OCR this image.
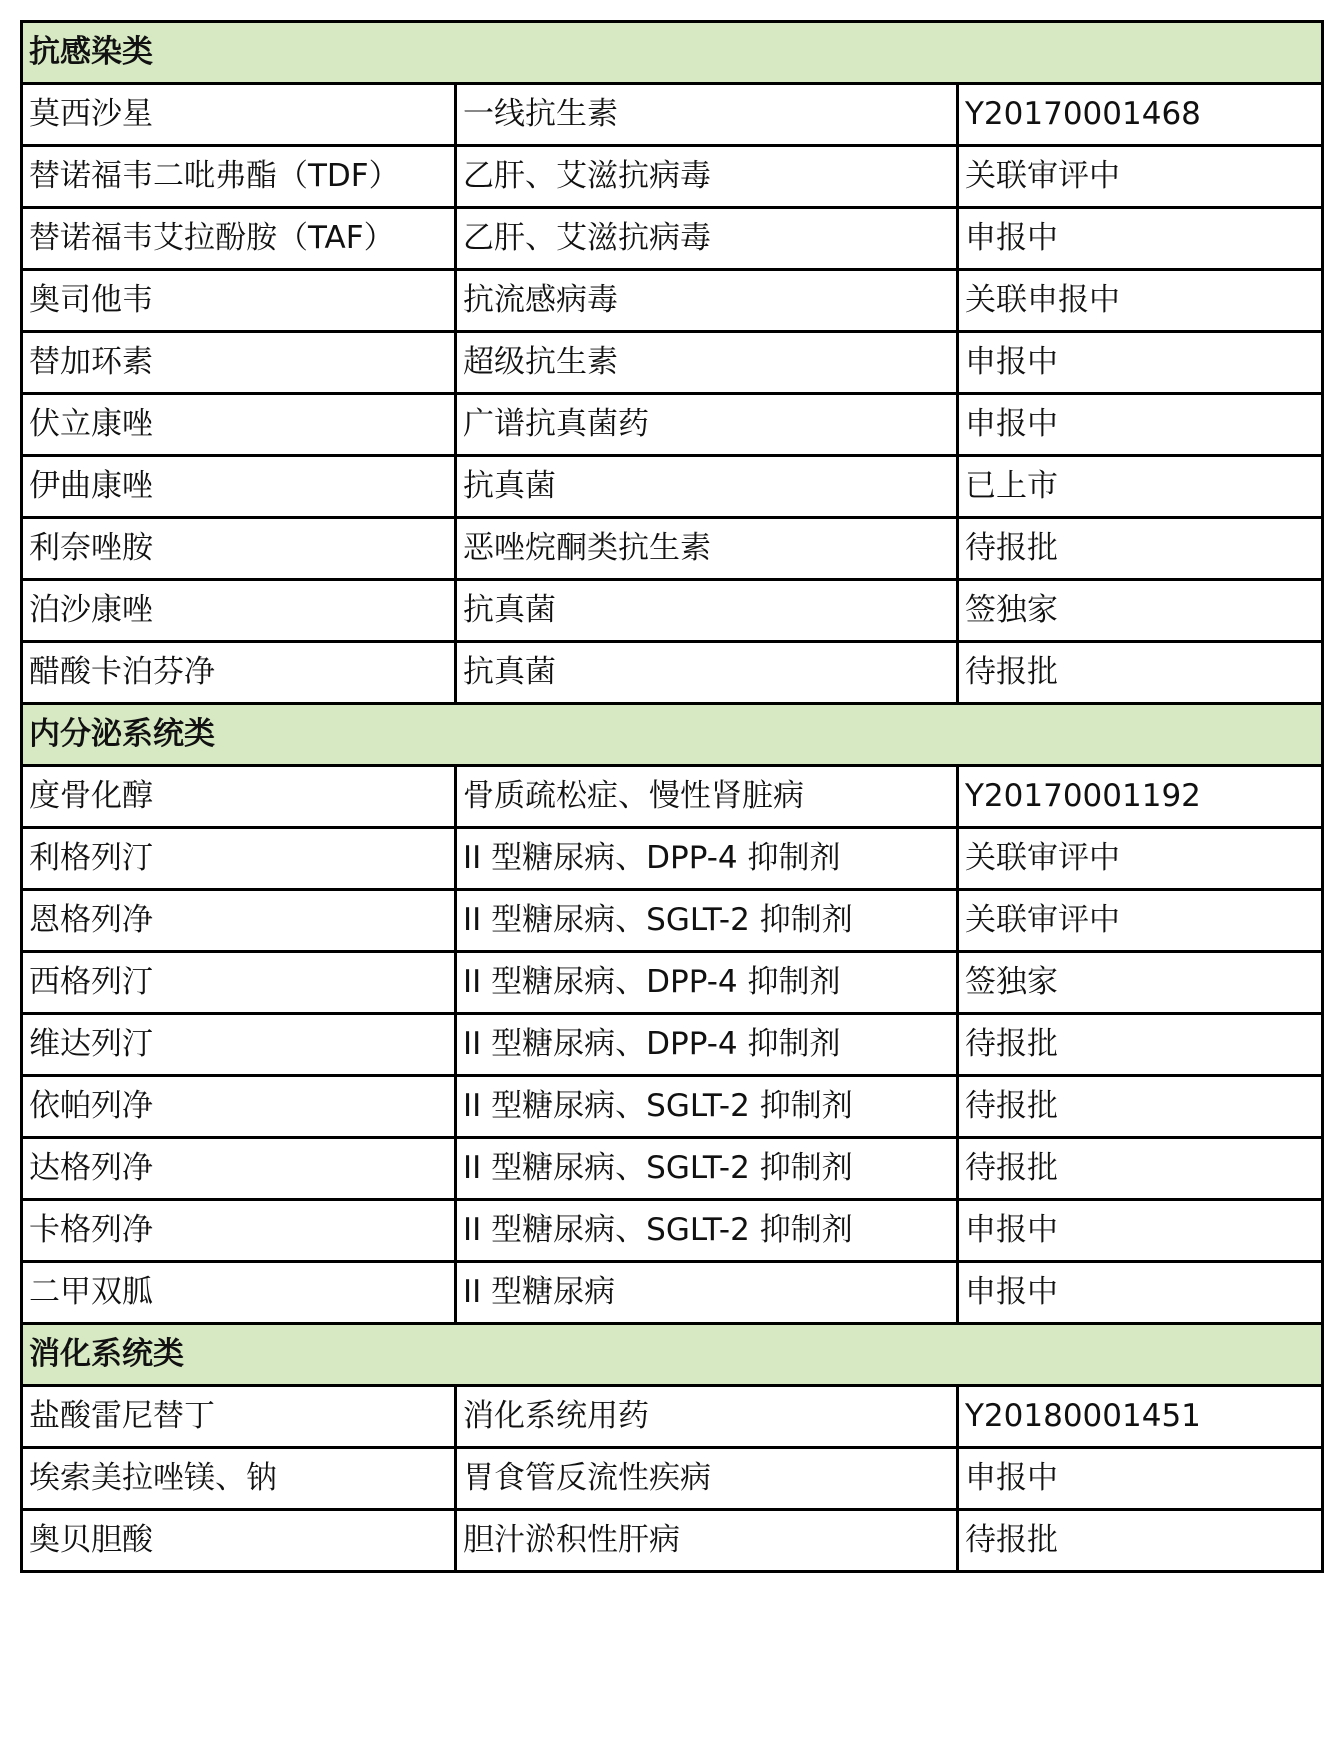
抗感染类		
莫西沙星	一线抗生素	Y20170001468
替诺福韦二吡弗酯（TDF）	乙肝、艾滋抗病毒	关联审评中
替诺福韦艾拉酚胺（TAF）	乙肝、艾滋抗病毒	申报中
奥司他韦	抗流感病毒	关联申报中
替加环素	超级抗生素	申报中
伏立康唑	广谱抗真菌药	申报中
伊曲康唑	抗真菌	已上市
利奈唑胺	恶唑烷酮类抗生素	待报批
泊沙康唑	抗真菌	签独家
醋酸卡泊芬净	抗真菌	待报批
内分泌系统类		
度骨化醇	骨质疏松症、慢性肾脏病	Y20170001192
利格列汀	II 型糖尿病、DPP-4 抑制剂	关联审评中
恩格列净	II 型糖尿病、SGLT-2 抑制剂	关联审评中
西格列汀	II 型糖尿病、DPP-4 抑制剂	签独家
维达列汀	II 型糖尿病、DPP-4 抑制剂	待报批
依帕列净	II 型糖尿病、SGLT-2 抑制剂	待报批
达格列净	II 型糖尿病、SGLT-2 抑制剂	待报批
卡格列净	II 型糖尿病、SGLT-2 抑制剂	申报中
二甲双胍	II 型糖尿病	申报中
消化系统类		
盐酸雷尼替丁	消化系统用药	Y20180001451
埃索美拉唑镁、钠	胃食管反流性疾病	申报中
奥贝胆酸	胆汁淤积性肝病	待报批
